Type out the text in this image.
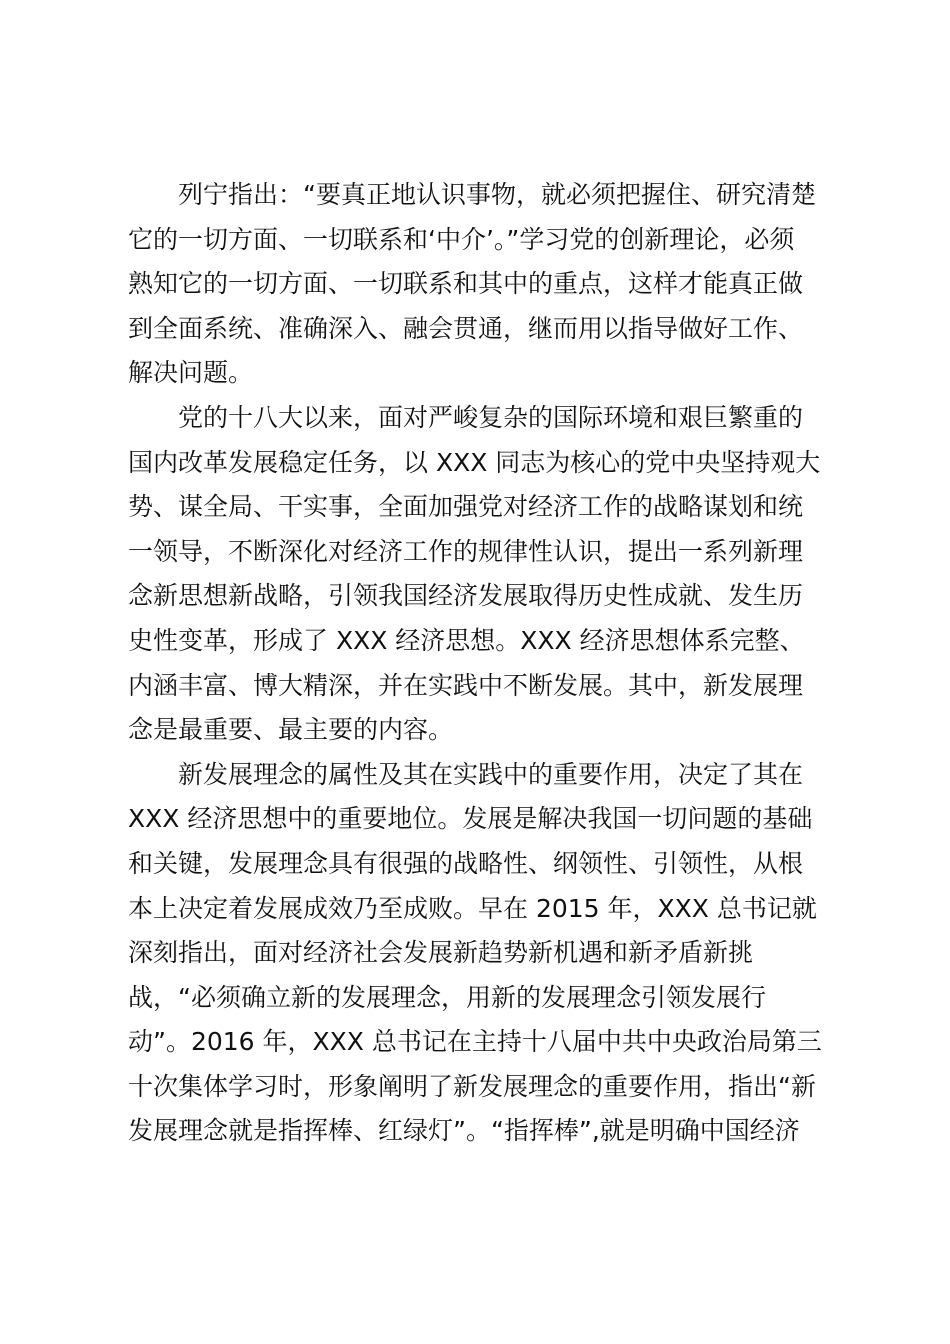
　　列宁指出：“要真正地认识事物，就必须把握住、研究清楚
它的一切方面、一切联系和‘中介’。”学习党的创新理论，必须
熟知它的一切方面、一切联系和其中的重点，这样才能真正做
到全面系统、准确深入、融会贯通，继而用以指导做好工作、
解决问题。
　　党的十八大以来，面对严峻复杂的国际环境和艰巨繁重的
国内改革发展稳定任务，以 XXX 同志为核心的党中央坚持观大
势、谋全局、干实事，全面加强党对经济工作的战略谋划和统
一领导，不断深化对经济工作的规律性认识，提出一系列新理
念新思想新战略，引领我国经济发展取得历史性成就、发生历
史性变革，形成了 XXX 经济思想。XXX 经济思想体系完整、
内涵丰富、博大精深，并在实践中不断发展。其中，新发展理
念是最重要、最主要的内容。
　　新发展理念的属性及其在实践中的重要作用，决定了其在
XXX 经济思想中的重要地位。发展是解决我国一切问题的基础
和关键，发展理念具有很强的战略性、纲领性、引领性，从根
本上决定着发展成效乃至成败。早在 2015 年，XXX 总书记就
深刻指出，面对经济社会发展新趋势新机遇和新矛盾新挑
战，“必须确立新的发展理念，用新的发展理念引领发展行
动”。2016 年，XXX 总书记在主持十八届中共中央政治局第三
十次集体学习时，形象阐明了新发展理念的重要作用，指出“新
发展理念就是指挥棒、红绿灯”。“指挥棒”,就是明确中国经济
